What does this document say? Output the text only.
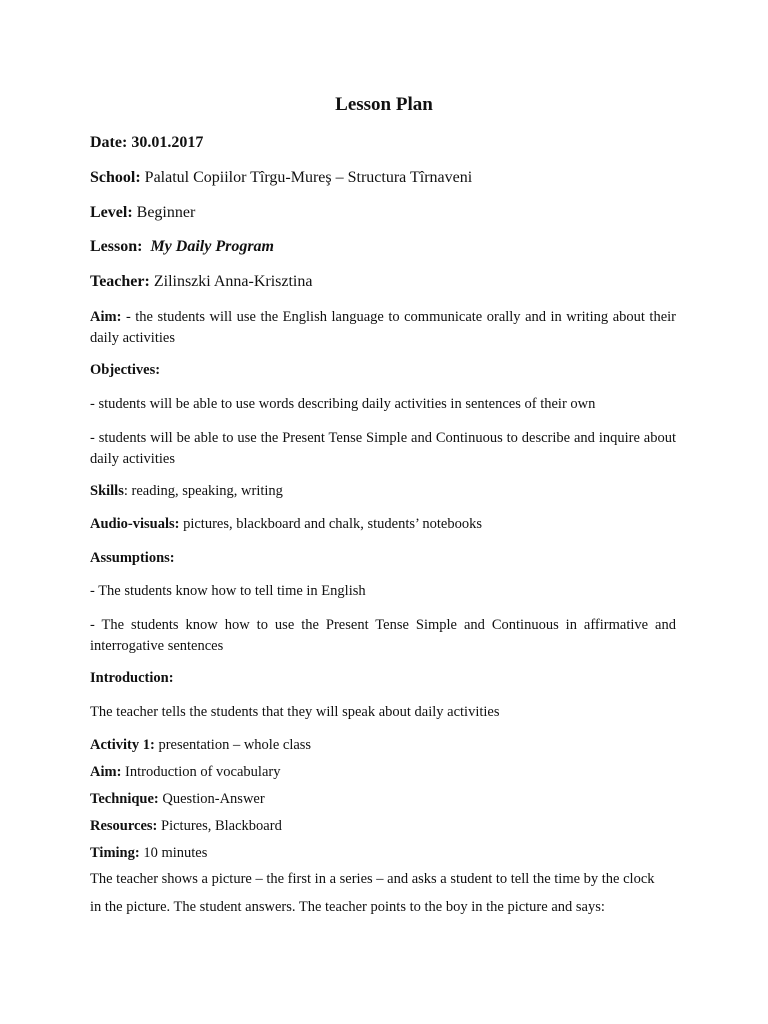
Lesson Plan
Date: 30.01.2017
School: Palatul Copiilor Tîrgu-Mureş – Structura Tîrnaveni
Level: Beginner
Lesson: My Daily Program
Teacher: Zilinszki Anna-Krisztina
Aim: - the students will use the English language to communicate orally and in writing about their daily activities
Objectives:
- students will be able to use words describing daily activities in sentences of their own
- students will be able to use the Present Tense Simple and Continuous to describe and inquire about daily activities
Skills: reading, speaking, writing
Audio-visuals: pictures, blackboard and chalk, students’ notebooks
Assumptions:
- The students know how to tell time in English
- The students know how to use the Present Tense Simple and Continuous in affirmative and interrogative sentences
Introduction:
The teacher tells the students that they will speak about daily activities
Activity 1: presentation – whole class
Aim: Introduction of vocabulary
Technique: Question-Answer
Resources: Pictures, Blackboard
Timing: 10 minutes
The teacher shows a picture – the first in a series – and asks a student to tell the time by the clock
in the picture. The student answers. The teacher points to the boy in the picture and says:
